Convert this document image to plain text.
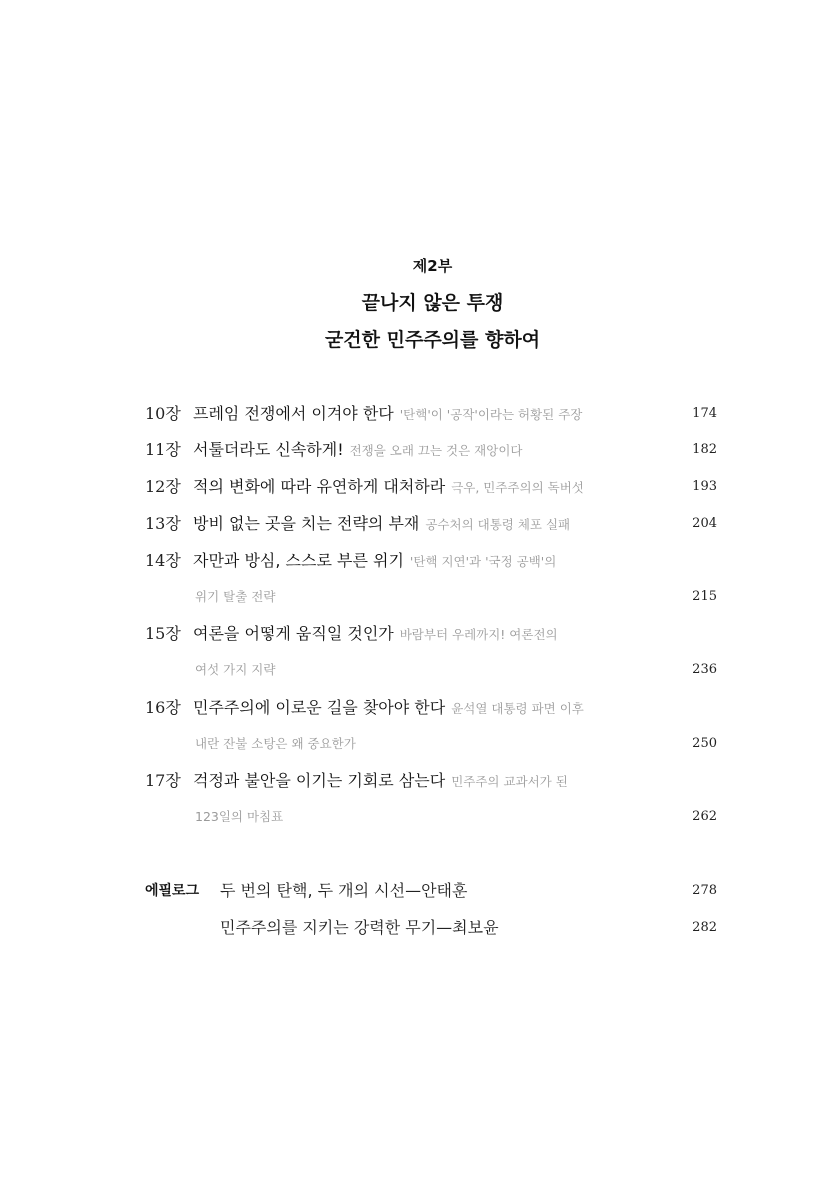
제2부
끝나지 않은 투쟁
굳건한 민주주의를 향하여
10장 프레임 전쟁에서 이겨야 한다 '탄핵'이 '공작'이라는 허황된 주장	174
11장 서툴더라도 신속하게! 전쟁을 오래 끄는 것은 재앙이다	182
12장 적의 변화에 따라 유연하게 대처하라 극우, 민주주의의 독버섯	193
13장 방비 없는 곳을 치는 전략의 부재 공수처의 대통령 체포 실패	204
14장 자만과 방심, 스스로 부른 위기 '탄핵 지연'과 '국정 공백'의
위기 탈출 전략	215
15장 여론을 어떻게 움직일 것인가 바람부터 우레까지! 여론전의
여섯 가지 지략	236
16장 민주주의에 이로운 길을 찾아야 한다 윤석열 대통령 파면 이후
내란 잔불 소탕은 왜 중요한가	250
17장 걱정과 불안을 이기는 기회로 삼는다 민주주의 교과서가 된
123일의 마침표	262
에필로그 두 번의 탄핵, 두 개의 시선—안태훈	278
민주주의를 지키는 강력한 무기—최보윤	282
